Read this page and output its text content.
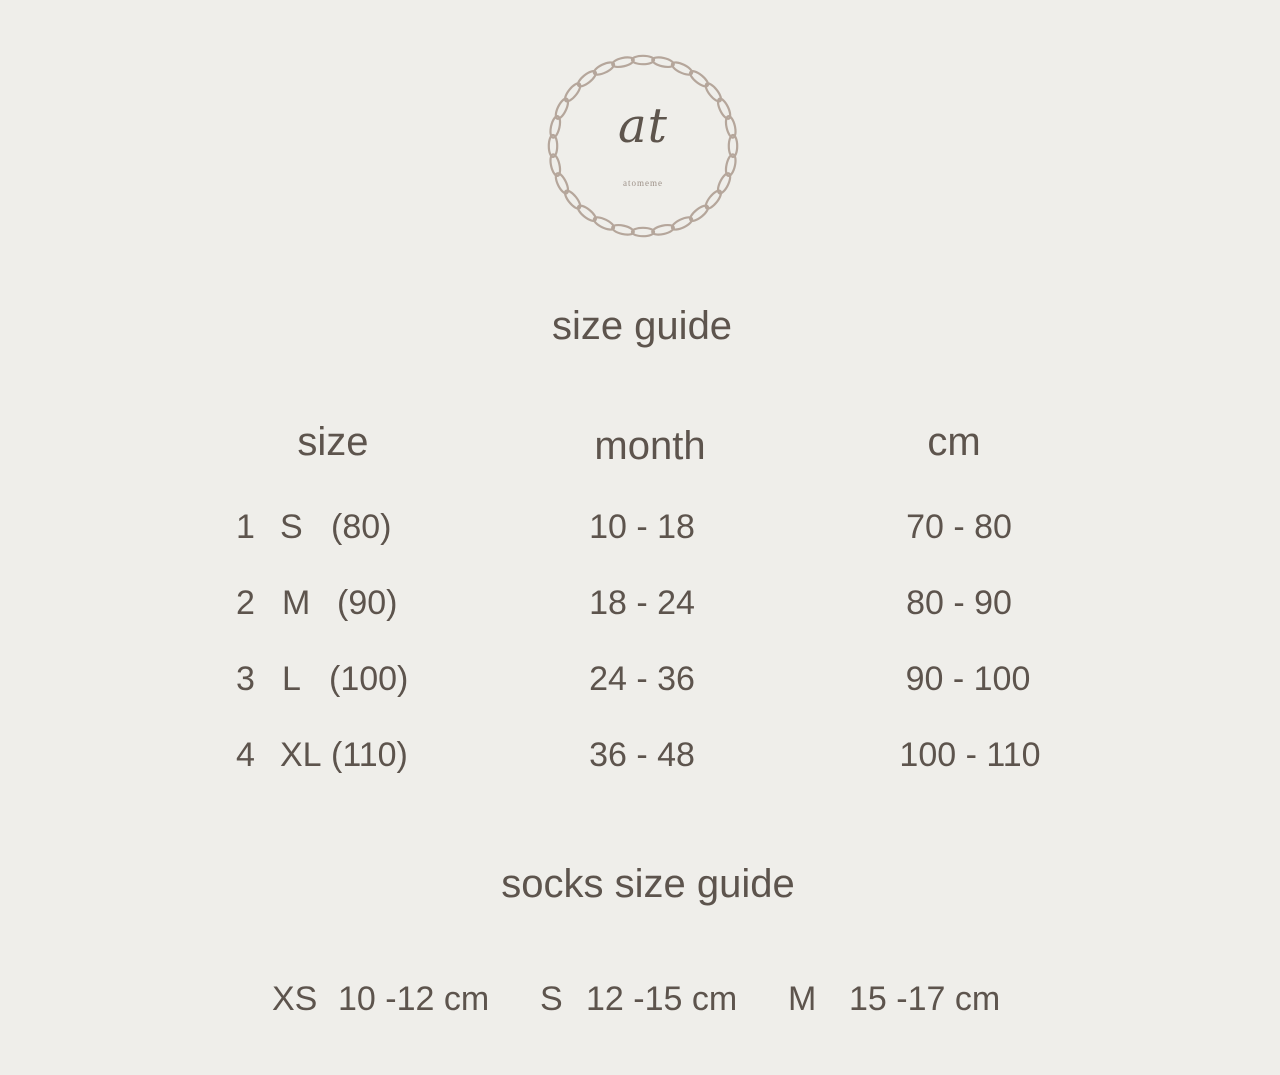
at
atomeme
size guide
size	month	cm
1 S (80)	10 - 18	70 - 80
2 M (90)	18 - 24	80 - 90
3 L (100)	24 - 36	90 - 100
4 XL (110)	36 - 48	100 - 110
socks size guide
XS 10 -12 cm S 12 -15 cm M 15 -17 cm
